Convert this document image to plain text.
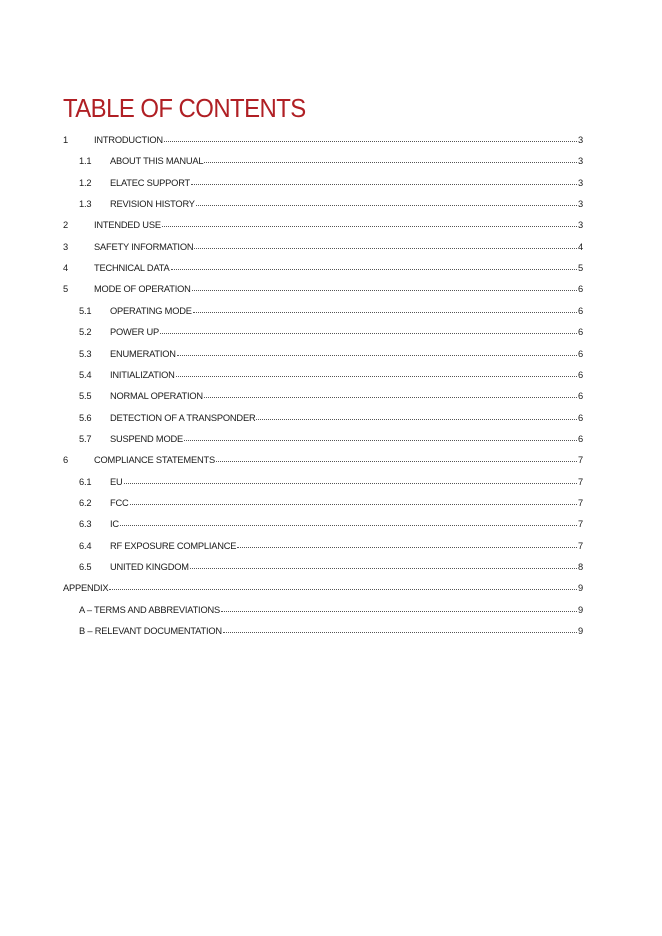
TABLE OF CONTENTS
1	INTRODUCTION	3
1.1 ABOUT THIS MANUAL	3
1.2 ELATEC SUPPORT	3
1.3 REVISION HISTORY	3
2	INTENDED USE	3
3	SAFETY INFORMATION	4
4	TECHNICAL DATA	5
5	MODE OF OPERATION	6
5.1 OPERATING MODE	6
5.2 POWER UP	6
5.3 ENUMERATION	6
5.4 INITIALIZATION	6
5.5 NORMAL OPERATION	6
5.6 DETECTION OF A TRANSPONDER	6
5.7 SUSPEND MODE	6
6	COMPLIANCE STATEMENTS	7
6.1 EU	7
6.2 FCC	7
6.3 IC	7
6.4 RF EXPOSURE COMPLIANCE	7
6.5 UNITED KINGDOM	8
APPENDIX	9
A – TERMS AND ABBREVIATIONS	9
B – RELEVANT DOCUMENTATION	9
